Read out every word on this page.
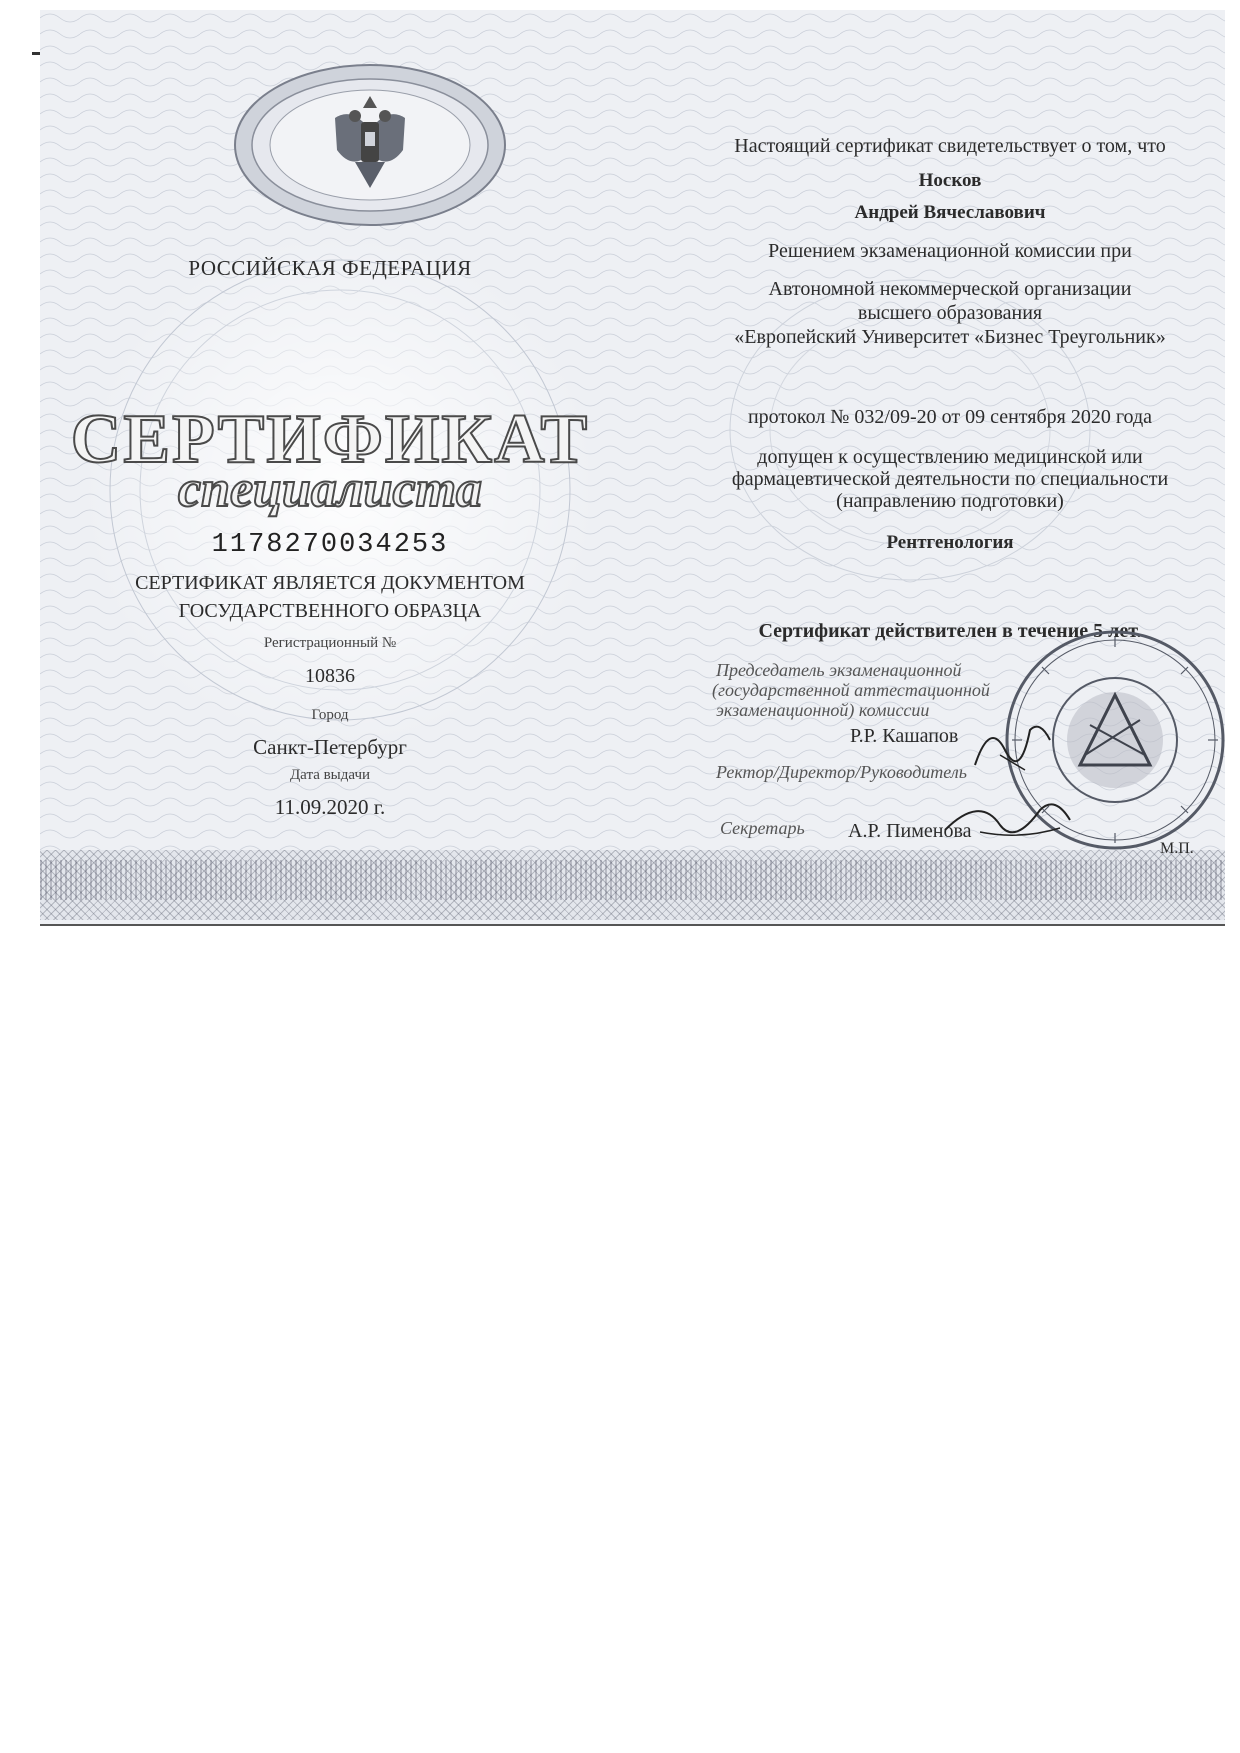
РОССИЙСКАЯ ФЕДЕРАЦИЯ
СЕРТИФИКАТ
специалиста
1178270034253
СЕРТИФИКАТ ЯВЛЯЕТСЯ ДОКУМЕНТОМ
ГОСУДАРСТВЕННОГО ОБРАЗЦА
Регистрационный №
10836
Город
Санкт-Петербург
Дата выдачи
11.09.2020 г.
Настоящий сертификат свидетельствует о том, что
Носков
Андрей Вячеславович
Решением экзаменационной комиссии при
Автономной некоммерческой организации
высшего образования
«Европейский Университет «Бизнес Треугольник»
протокол № 032/09-20 от 09 сентября 2020 года
допущен к осуществлению медицинской или
фармацевтической деятельности по специальности
(направлению подготовки)
Рентгенология
Сертификат действителен в течение 5 лет.
Председатель экзаменационной
(государственной аттестационной
экзаменационной) комиссии
Р.Р. Кашапов
Ректор/Директор/Руководитель
Секретарь А.Р. Пименова
М.П.
